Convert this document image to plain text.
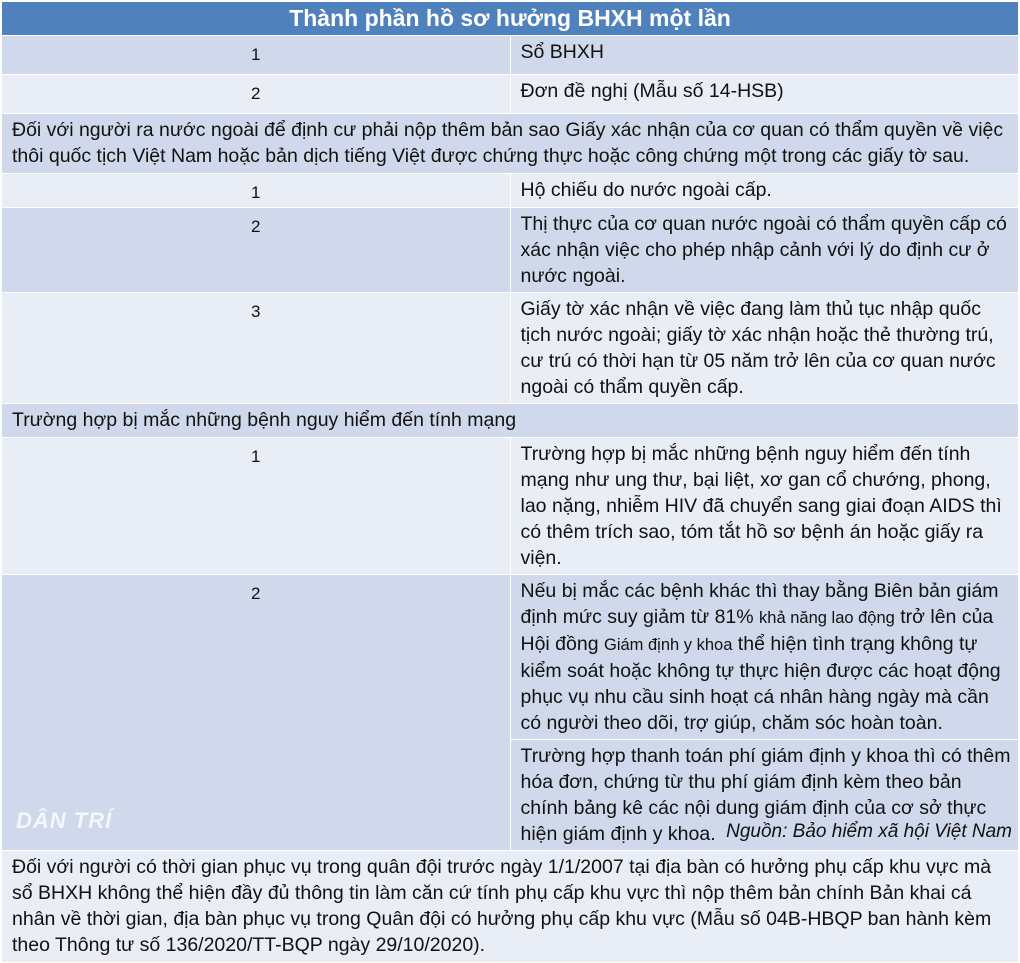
Thành phần hồ sơ hưởng BHXH một lần	
1	Sổ BHXH
2	Đơn đề nghị (Mẫu số 14-HSB)
Đối với người ra nước ngoài để định cư phải nộp thêm bản sao Giấy xác nhận của cơ quan có thẩm quyền về việc thôi quốc tịch Việt Nam hoặc bản dịch tiếng Việt được chứng thực hoặc công chứng một trong các giấy tờ sau.	
1	Hộ chiếu do nước ngoài cấp.
2	Thị thực của cơ quan nước ngoài có thẩm quyền cấp có xác nhận việc cho phép nhập cảnh với lý do định cư ở nước ngoài.
3	Giấy tờ xác nhận về việc đang làm thủ tục nhập quốc tịch nước ngoài; giấy tờ xác nhận hoặc thẻ thường trú, cư trú có thời hạn từ 05 năm trở lên của cơ quan nước ngoài có thẩm quyền cấp.
Trường hợp bị mắc những bệnh nguy hiểm đến tính mạng	
1	Trường hợp bị mắc những bệnh nguy hiểm đến tính mạng như ung thư, bại liệt, xơ gan cổ chướng, phong, lao nặng, nhiễm HIV đã chuyển sang giai đoạn AIDS thì có thêm trích sao, tóm tắt hồ sơ bệnh án hoặc giấy ra viện.
2	Nếu bị mắc các bệnh khác thì thay bằng Biên bản giám định mức suy giảm từ 81% khả năng lao động trở lên của Hội đồng Giám định y khoa thể hiện tình trạng không tự kiểm soát hoặc không tự thực hiện được các hoạt động phục vụ nhu cầu sinh hoạt cá nhân hàng ngày mà cần có người theo dõi, trợ giúp, chăm sóc hoàn toàn.
	Trường hợp thanh toán phí giám định y khoa thì có thêm hóa đơn, chứng từ thu phí giám định kèm theo bản chính bảng kê các nội dung giám định của cơ sở thực hiện giám định y khoa.
Đối với người có thời gian phục vụ trong quân đội trước ngày 1/1/2007 tại địa bàn có hưởng phụ cấp khu vực mà sổ BHXH không thể hiện đầy đủ thông tin làm căn cứ tính phụ cấp khu vực thì nộp thêm bản chính Bản khai cá nhân về thời gian, địa bàn phục vụ trong Quân đội có hưởng phụ cấp khu vực (Mẫu số 04B-HBQP ban hành kèm theo Thông tư số 136/2020/TT-BQP ngày 29/10/2020).	
DÂN TRÍ	Nguồn: Bảo hiểm xã hội Việt Nam
